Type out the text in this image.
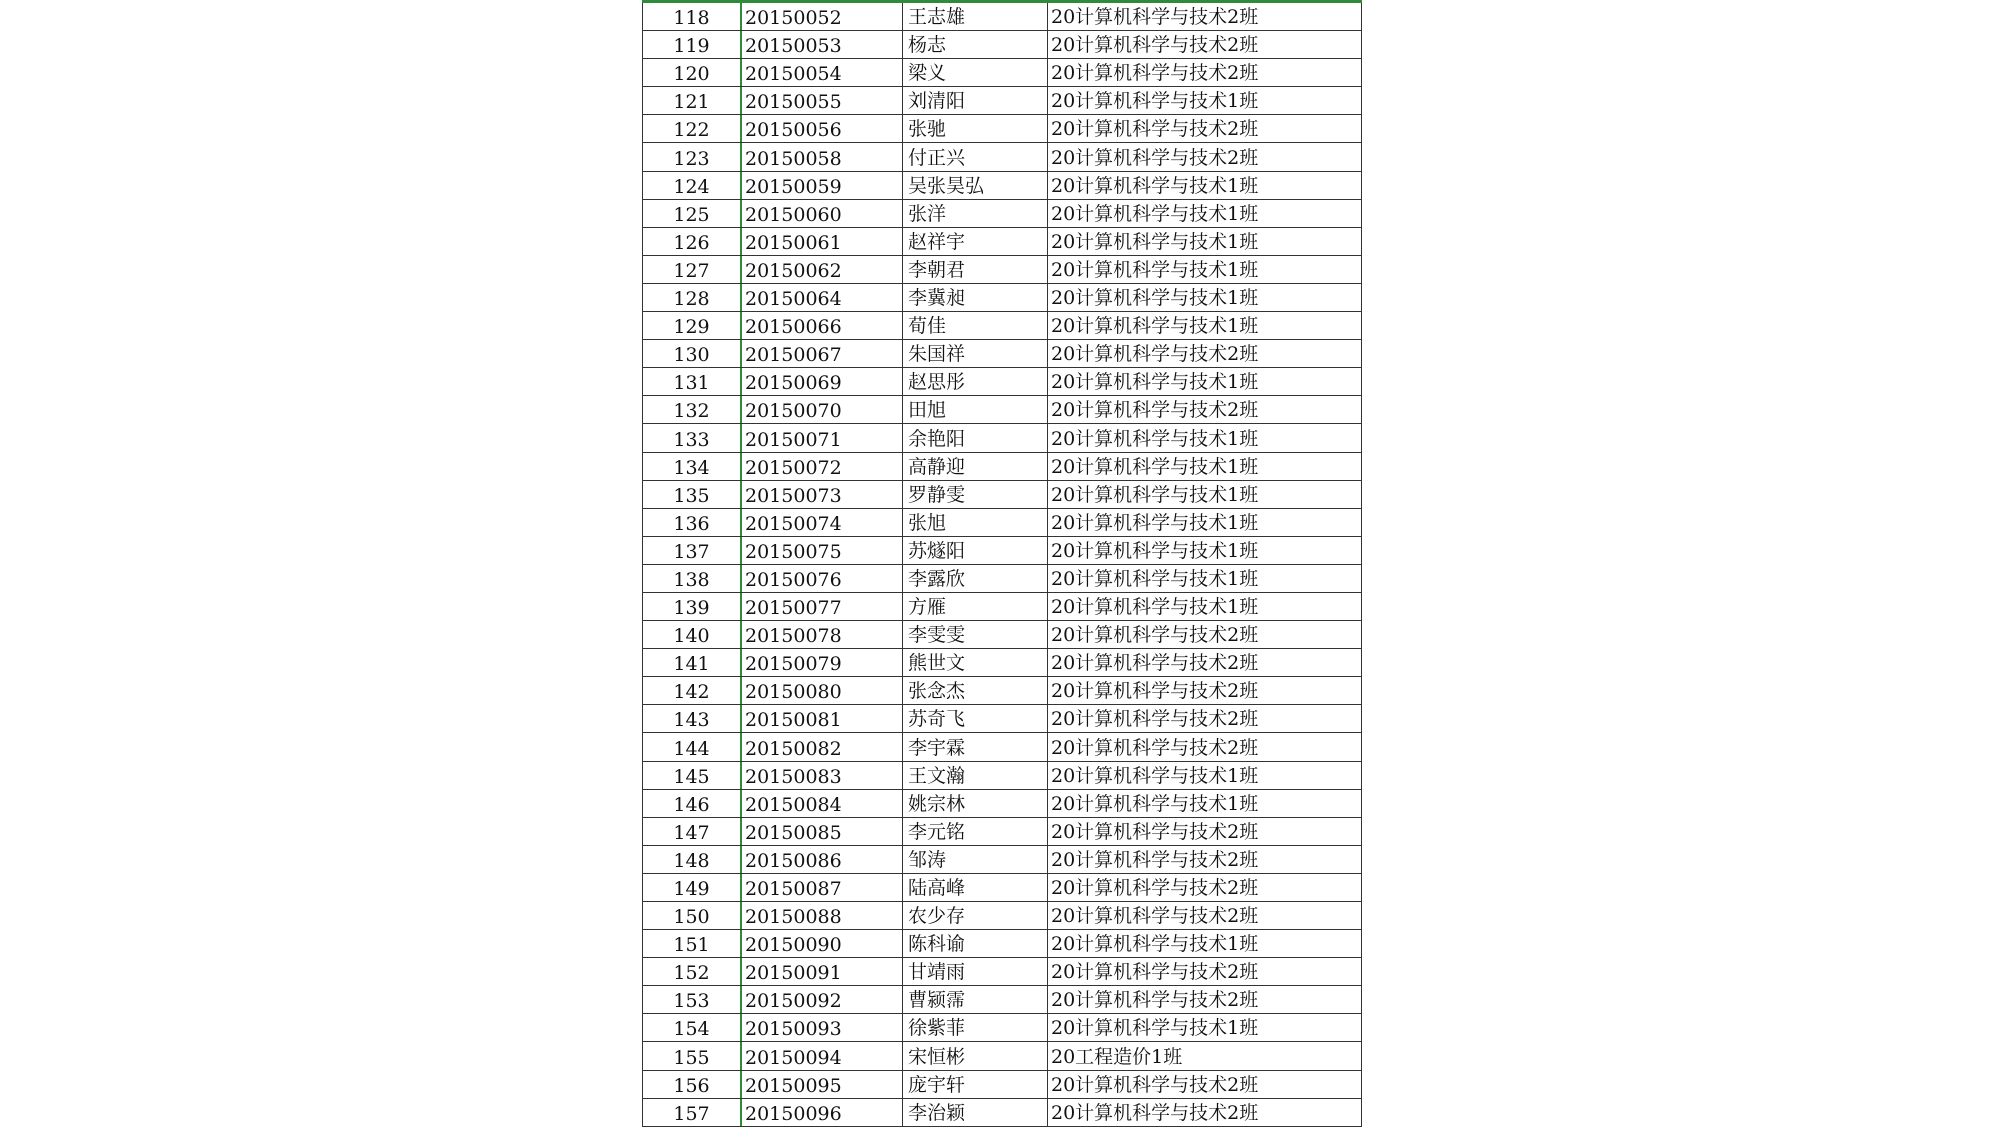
118	20150052	王志雄	20计算机科学与技术2班
119	20150053	杨志	20计算机科学与技术2班
120	20150054	梁义	20计算机科学与技术2班
121	20150055	刘清阳	20计算机科学与技术1班
122	20150056	张驰	20计算机科学与技术2班
123	20150058	付正兴	20计算机科学与技术2班
124	20150059	吴张昊弘	20计算机科学与技术1班
125	20150060	张洋	20计算机科学与技术1班
126	20150061	赵祥宇	20计算机科学与技术1班
127	20150062	李朝君	20计算机科学与技术1班
128	20150064	李冀昶	20计算机科学与技术1班
129	20150066	荀佳	20计算机科学与技术1班
130	20150067	朱国祥	20计算机科学与技术2班
131	20150069	赵思彤	20计算机科学与技术1班
132	20150070	田旭	20计算机科学与技术2班
133	20150071	余艳阳	20计算机科学与技术1班
134	20150072	高静迎	20计算机科学与技术1班
135	20150073	罗静雯	20计算机科学与技术1班
136	20150074	张旭	20计算机科学与技术1班
137	20150075	苏燧阳	20计算机科学与技术1班
138	20150076	李露欣	20计算机科学与技术1班
139	20150077	方雁	20计算机科学与技术1班
140	20150078	李雯雯	20计算机科学与技术2班
141	20150079	熊世文	20计算机科学与技术2班
142	20150080	张念杰	20计算机科学与技术2班
143	20150081	苏奇飞	20计算机科学与技术2班
144	20150082	李宇霖	20计算机科学与技术2班
145	20150083	王文瀚	20计算机科学与技术1班
146	20150084	姚宗林	20计算机科学与技术1班
147	20150085	李元铭	20计算机科学与技术2班
148	20150086	邹涛	20计算机科学与技术2班
149	20150087	陆高峰	20计算机科学与技术2班
150	20150088	农少存	20计算机科学与技术2班
151	20150090	陈科谕	20计算机科学与技术1班
152	20150091	甘靖雨	20计算机科学与技术2班
153	20150092	曹颍霈	20计算机科学与技术2班
154	20150093	徐紫菲	20计算机科学与技术1班
155	20150094	宋恒彬	20工程造价1班
156	20150095	庞宇轩	20计算机科学与技术2班
157	20150096	李治颖	20计算机科学与技术2班
